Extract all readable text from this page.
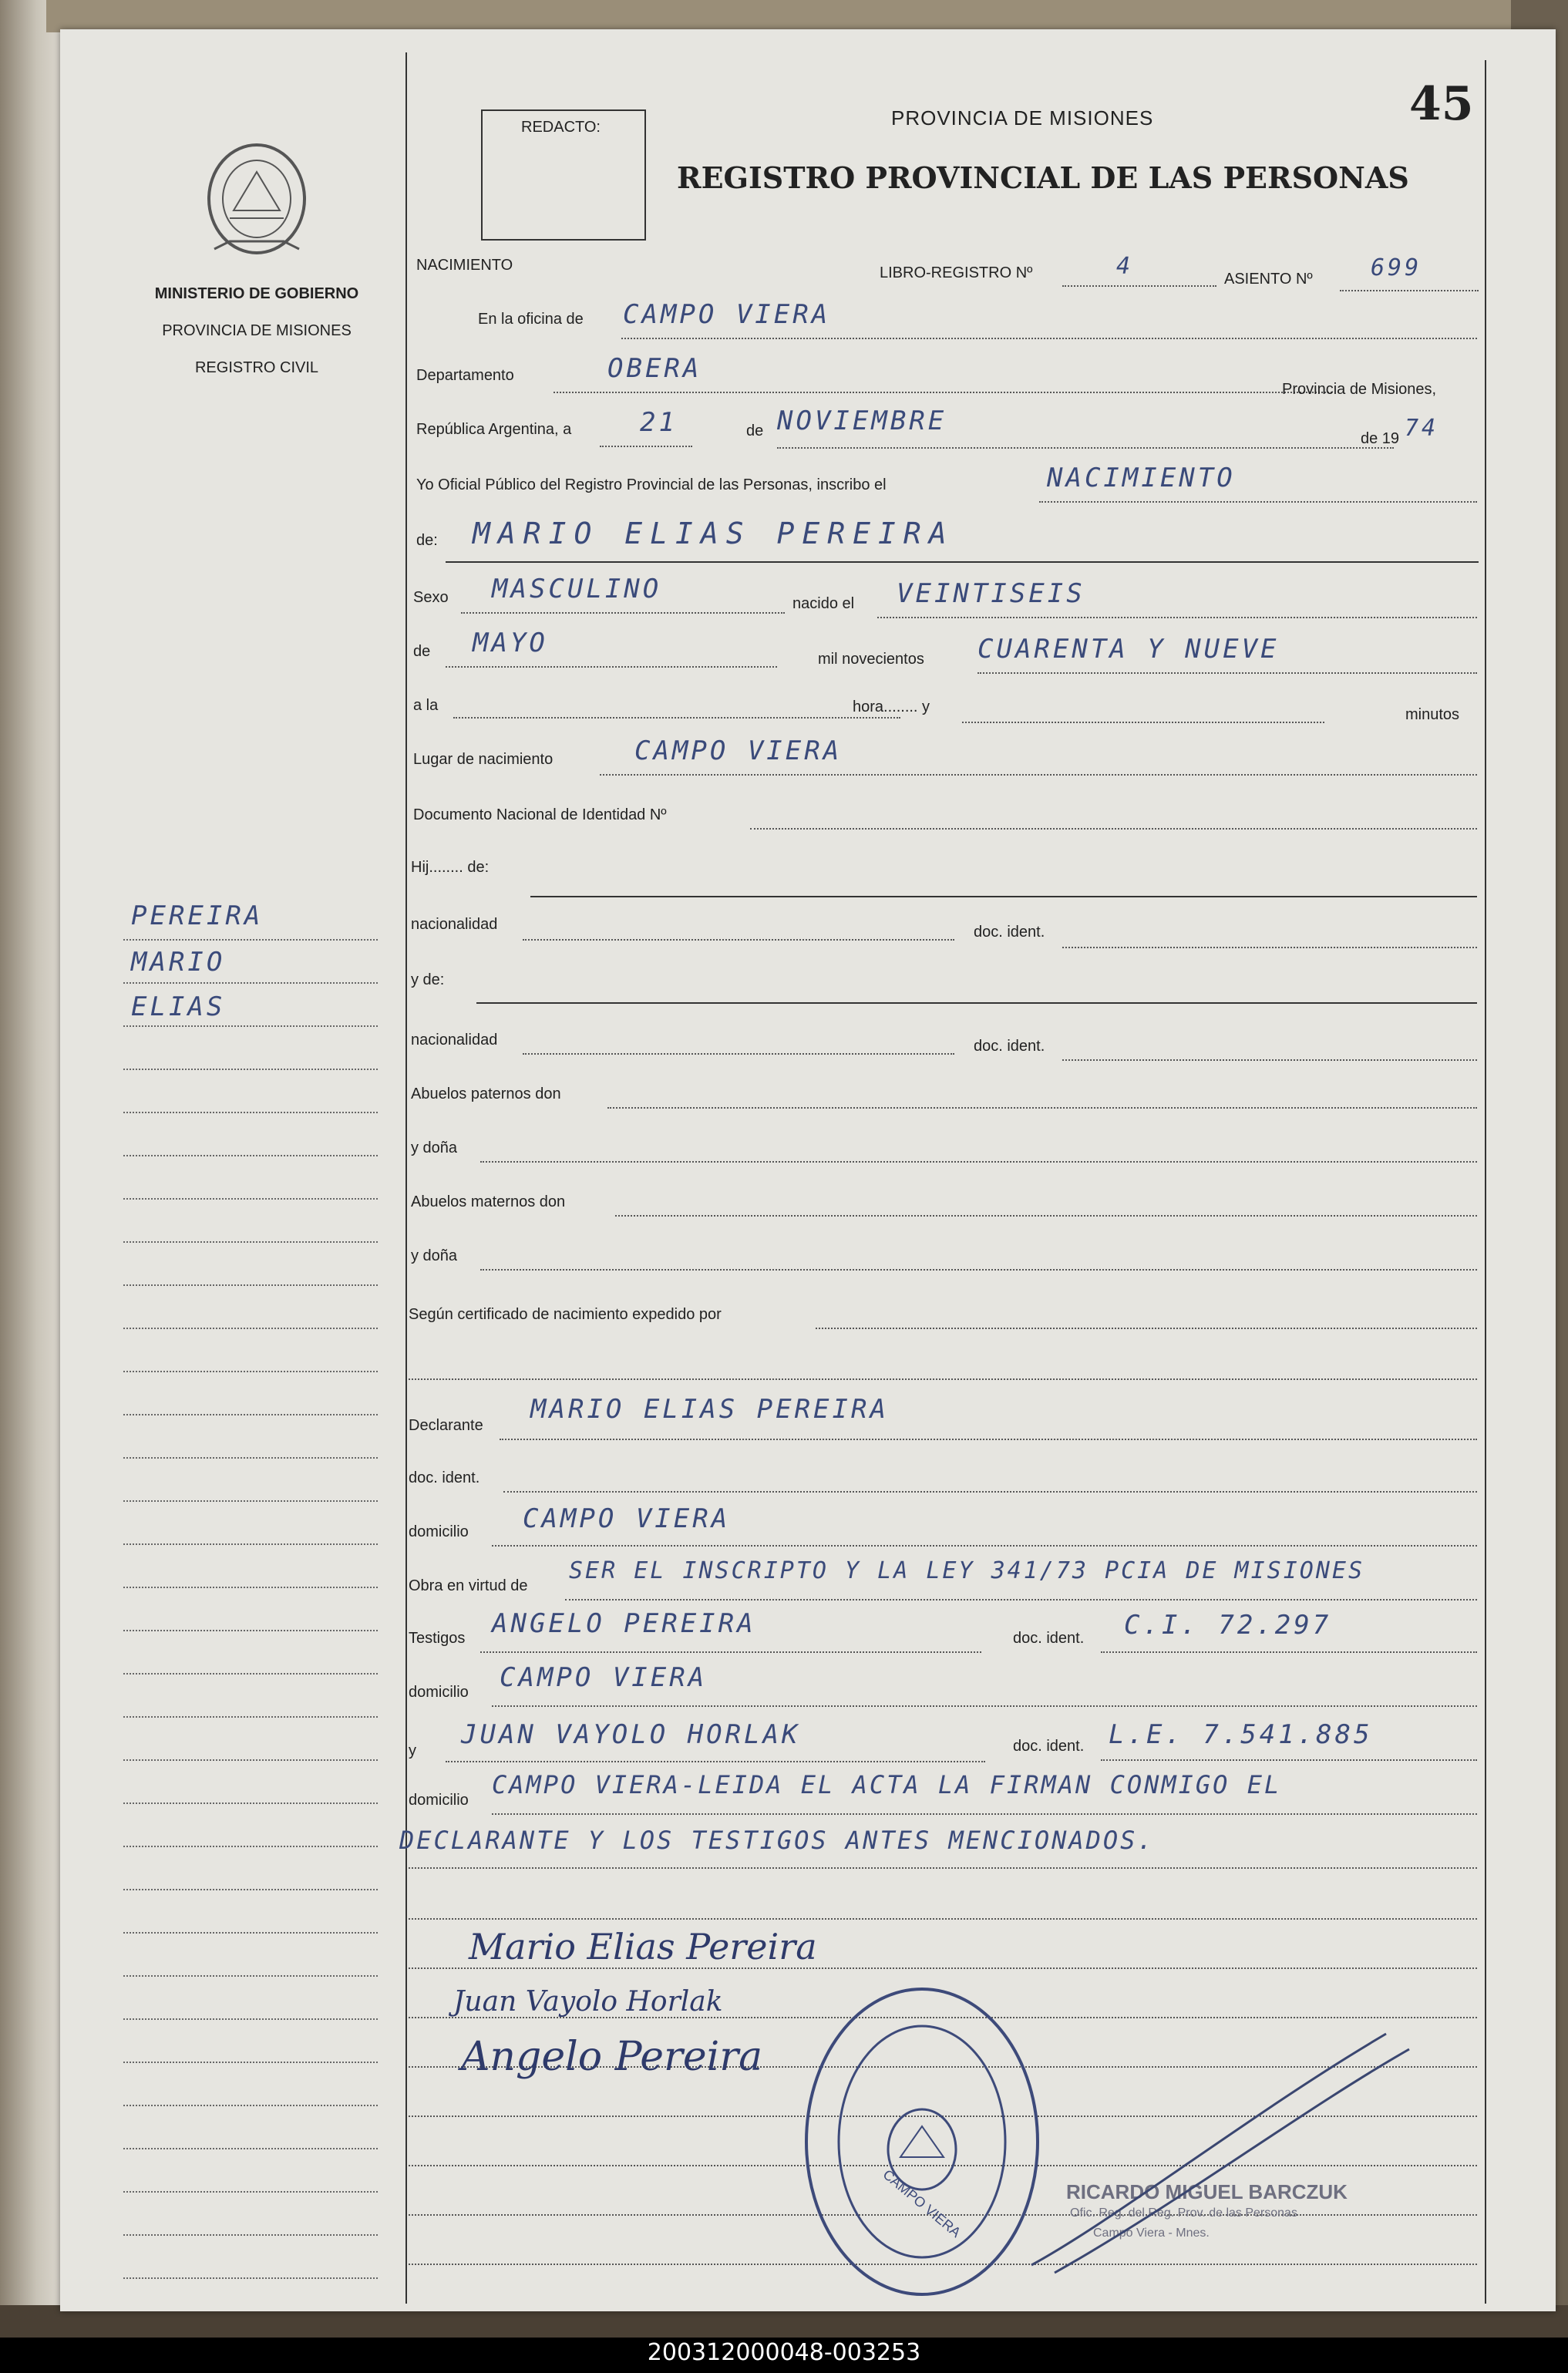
45
MINISTERIO DE GOBIERNO
PROVINCIA DE MISIONES
REGISTRO CIVIL
PEREIRA
MARIO
ELIAS
REDACTO:	PROVINCIA DE MISIONES
REGISTRO PROVINCIAL DE LAS PERSONAS
NACIMIENTO	LIBRO-REGISTRO Nº	4	ASIENTO Nº	699
En la oficina de CAMPO VIERA
Departamento	OBERA
Provincia de Misiones,
República Argentina, a	21	de NOVIEMBRE
de 19 74
Yo Oficial Público del Registro Provincial de las Personas, inscribo el	NACIMIENTO
de: MARIO ELIAS PEREIRA
Sexo MASCULINO	nacido el VEINTISEIS
de MAYO
mil novecientos CUARENTA Y NUEVE
a la	hora........ y	minutos
Lugar de nacimiento	CAMPO VIERA
Documento Nacional de Identidad Nº
Hij........ de:
nacionalidad	doc. ident.
y de:
nacionalidad	doc. ident.
Abuelos paternos don
y doña
Abuelos maternos don
y doña
Según certificado de nacimiento expedido por
Declarante
MARIO ELIAS PEREIRA
doc. ident.
domicilio CAMPO VIERA
Obra en virtud de
SER EL INSCRIPTO Y LA LEY 341/73 PCIA DE MISIONES
Testigos ANGELO PEREIRA	doc. ident. C.I. 72.297
domicilio CAMPO VIERA
y
JUAN VAYOLO HORLAK	doc. ident. L.E. 7.541.885
domicilio
CAMPO VIERA-LEIDA EL ACTA LA FIRMAN CONMIGO EL
DECLARANTE Y LOS TESTIGOS ANTES MENCIONADOS.
Mario Elias Pereira
Juan Vayolo Horlak
Angelo Pereira
CAMPO VIERA	RICARDO MIGUEL BARCZUK
Ofic. Reg. del Reg. Prov. de las Personas
Campo Viera - Mnes.
200312000048-003253
